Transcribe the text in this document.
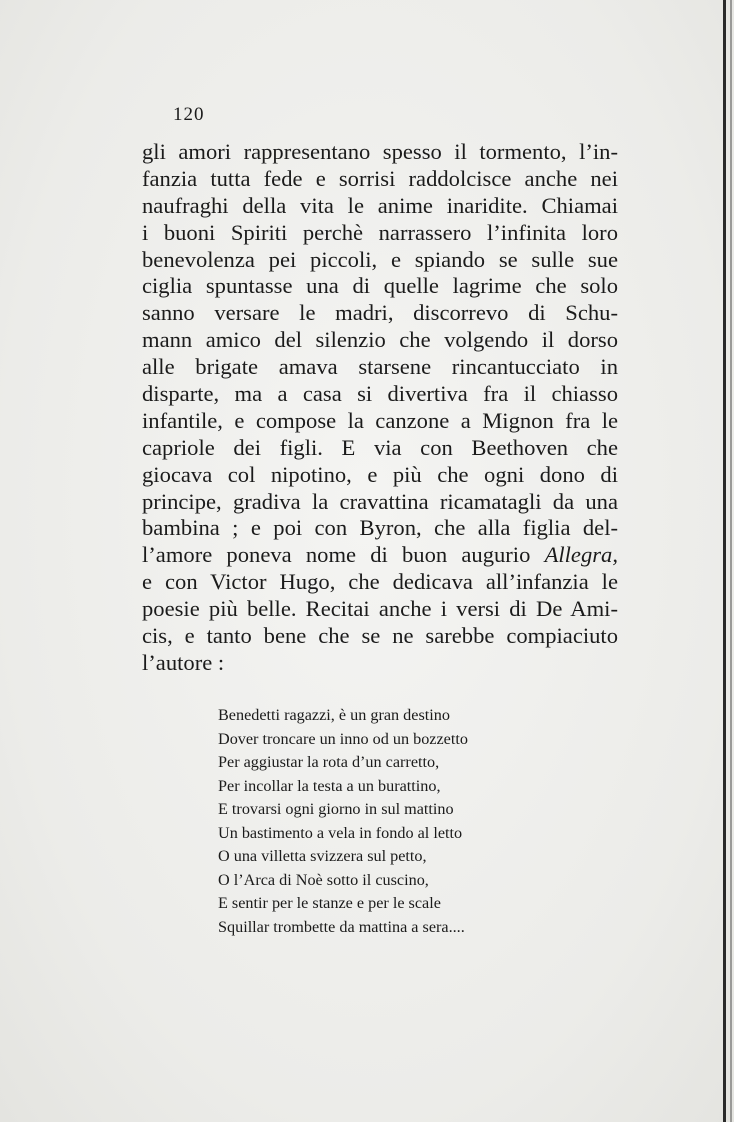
120
gli amori rappresentano spesso il tormento, l’in-
fanzia tutta fede e sorrisi raddolcisce anche nei
naufraghi della vita le anime inaridite. Chiamai
i buoni Spiriti perchè narrassero l’infinita loro
benevolenza pei piccoli, e spiando se sulle sue
ciglia spuntasse una di quelle lagrime che solo
sanno versare le madri, discorrevo di Schu-
mann amico del silenzio che volgendo il dorso
alle brigate amava starsene rincantucciato in
disparte, ma a casa si divertiva fra il chiasso
infantile, e compose la canzone a Mignon fra le
capriole dei figli. E via con Beethoven che
giocava col nipotino, e più che ogni dono di
principe, gradiva la cravattina ricamatagli da una
bambina ; e poi con Byron, che alla figlia del-
l’amore poneva nome di buon augurio Allegra,
e con Victor Hugo, che dedicava all’infanzia le
poesie più belle. Recitai anche i versi di De Ami-
cis, e tanto bene che se ne sarebbe compiaciuto
l’autore :
Benedetti ragazzi, è un gran destino
Dover troncare un inno od un bozzetto
Per aggiustar la rota d’un carretto,
Per incollar la testa a un burattino,
E trovarsi ogni giorno in sul mattino
Un bastimento a vela in fondo al letto
O una villetta svizzera sul petto,
O l’Arca di Noè sotto il cuscino,
E sentir per le stanze e per le scale
Squillar trombette da mattina a sera....
